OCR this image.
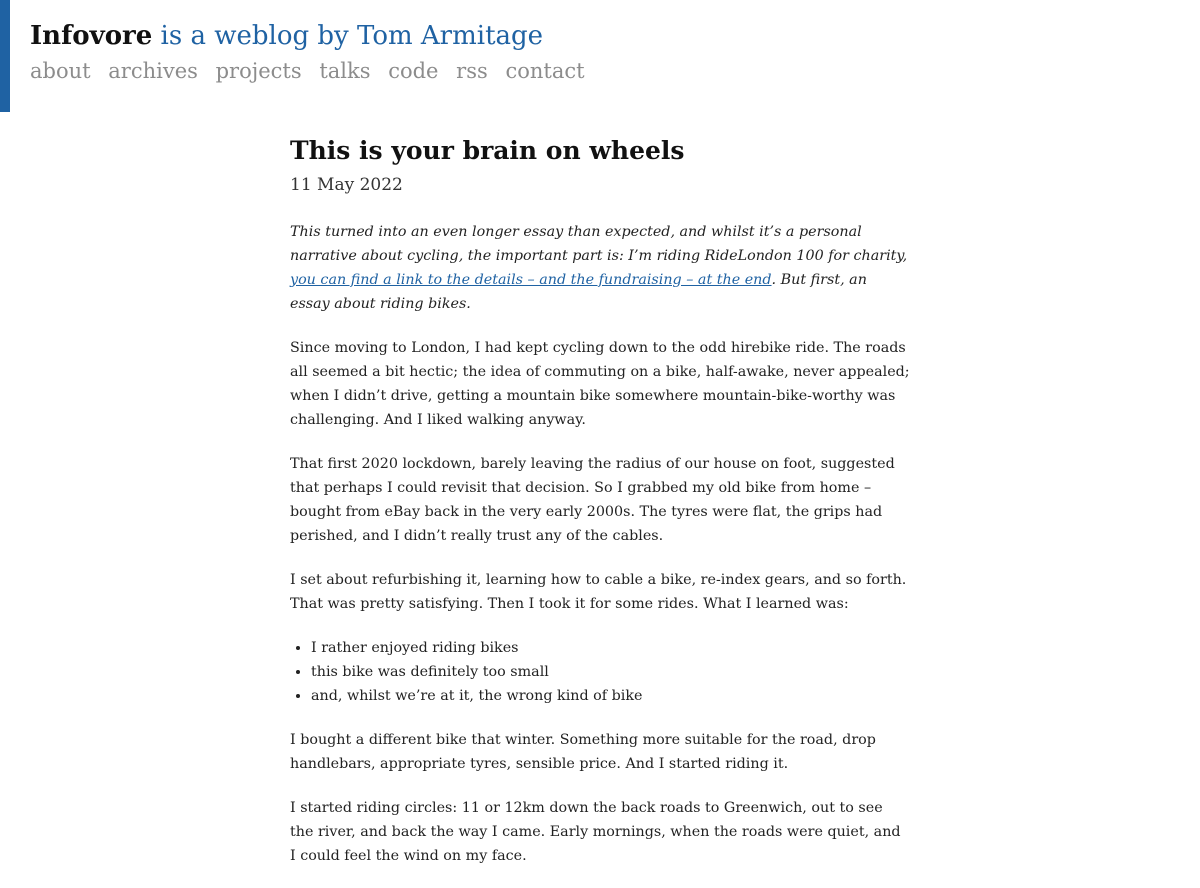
Infovore is a weblog by Tom Armitage
about archives projects talks code rss contact
This is your brain on wheels
11 May 2022

This turned into an even longer essay than expected, and whilst it’s a personal narrative about cycling, the important part is: I’m riding RideLondon 100 for charity, you can find a link to the details – and the fundraising – at the end. But first, an essay about riding bikes.

Since moving to London, I had kept cycling down to the odd hirebike ride. The roads all seemed a bit hectic; the idea of commuting on a bike, half-awake, never appealed; when I didn’t drive, getting a mountain bike somewhere mountain-bike-worthy was challenging. And I liked walking anyway.

That first 2020 lockdown, barely leaving the radius of our house on foot, suggested that perhaps I could revisit that decision. So I grabbed my old bike from home – bought from eBay back in the very early 2000s. The tyres were flat, the grips had perished, and I didn’t really trust any of the cables.

I set about refurbishing it, learning how to cable a bike, re-index gears, and so forth. That was pretty satisfying. Then I took it for some rides. What I learned was:

• I rather enjoyed riding bikes
• this bike was definitely too small
• and, whilst we’re at it, the wrong kind of bike

I bought a different bike that winter. Something more suitable for the road, drop handlebars, appropriate tyres, sensible price. And I started riding it.

I started riding circles: 11 or 12km down the back roads to Greenwich, out to see the river, and back the way I came. Early mornings, when the roads were quiet, and I could feel the wind on my face.
